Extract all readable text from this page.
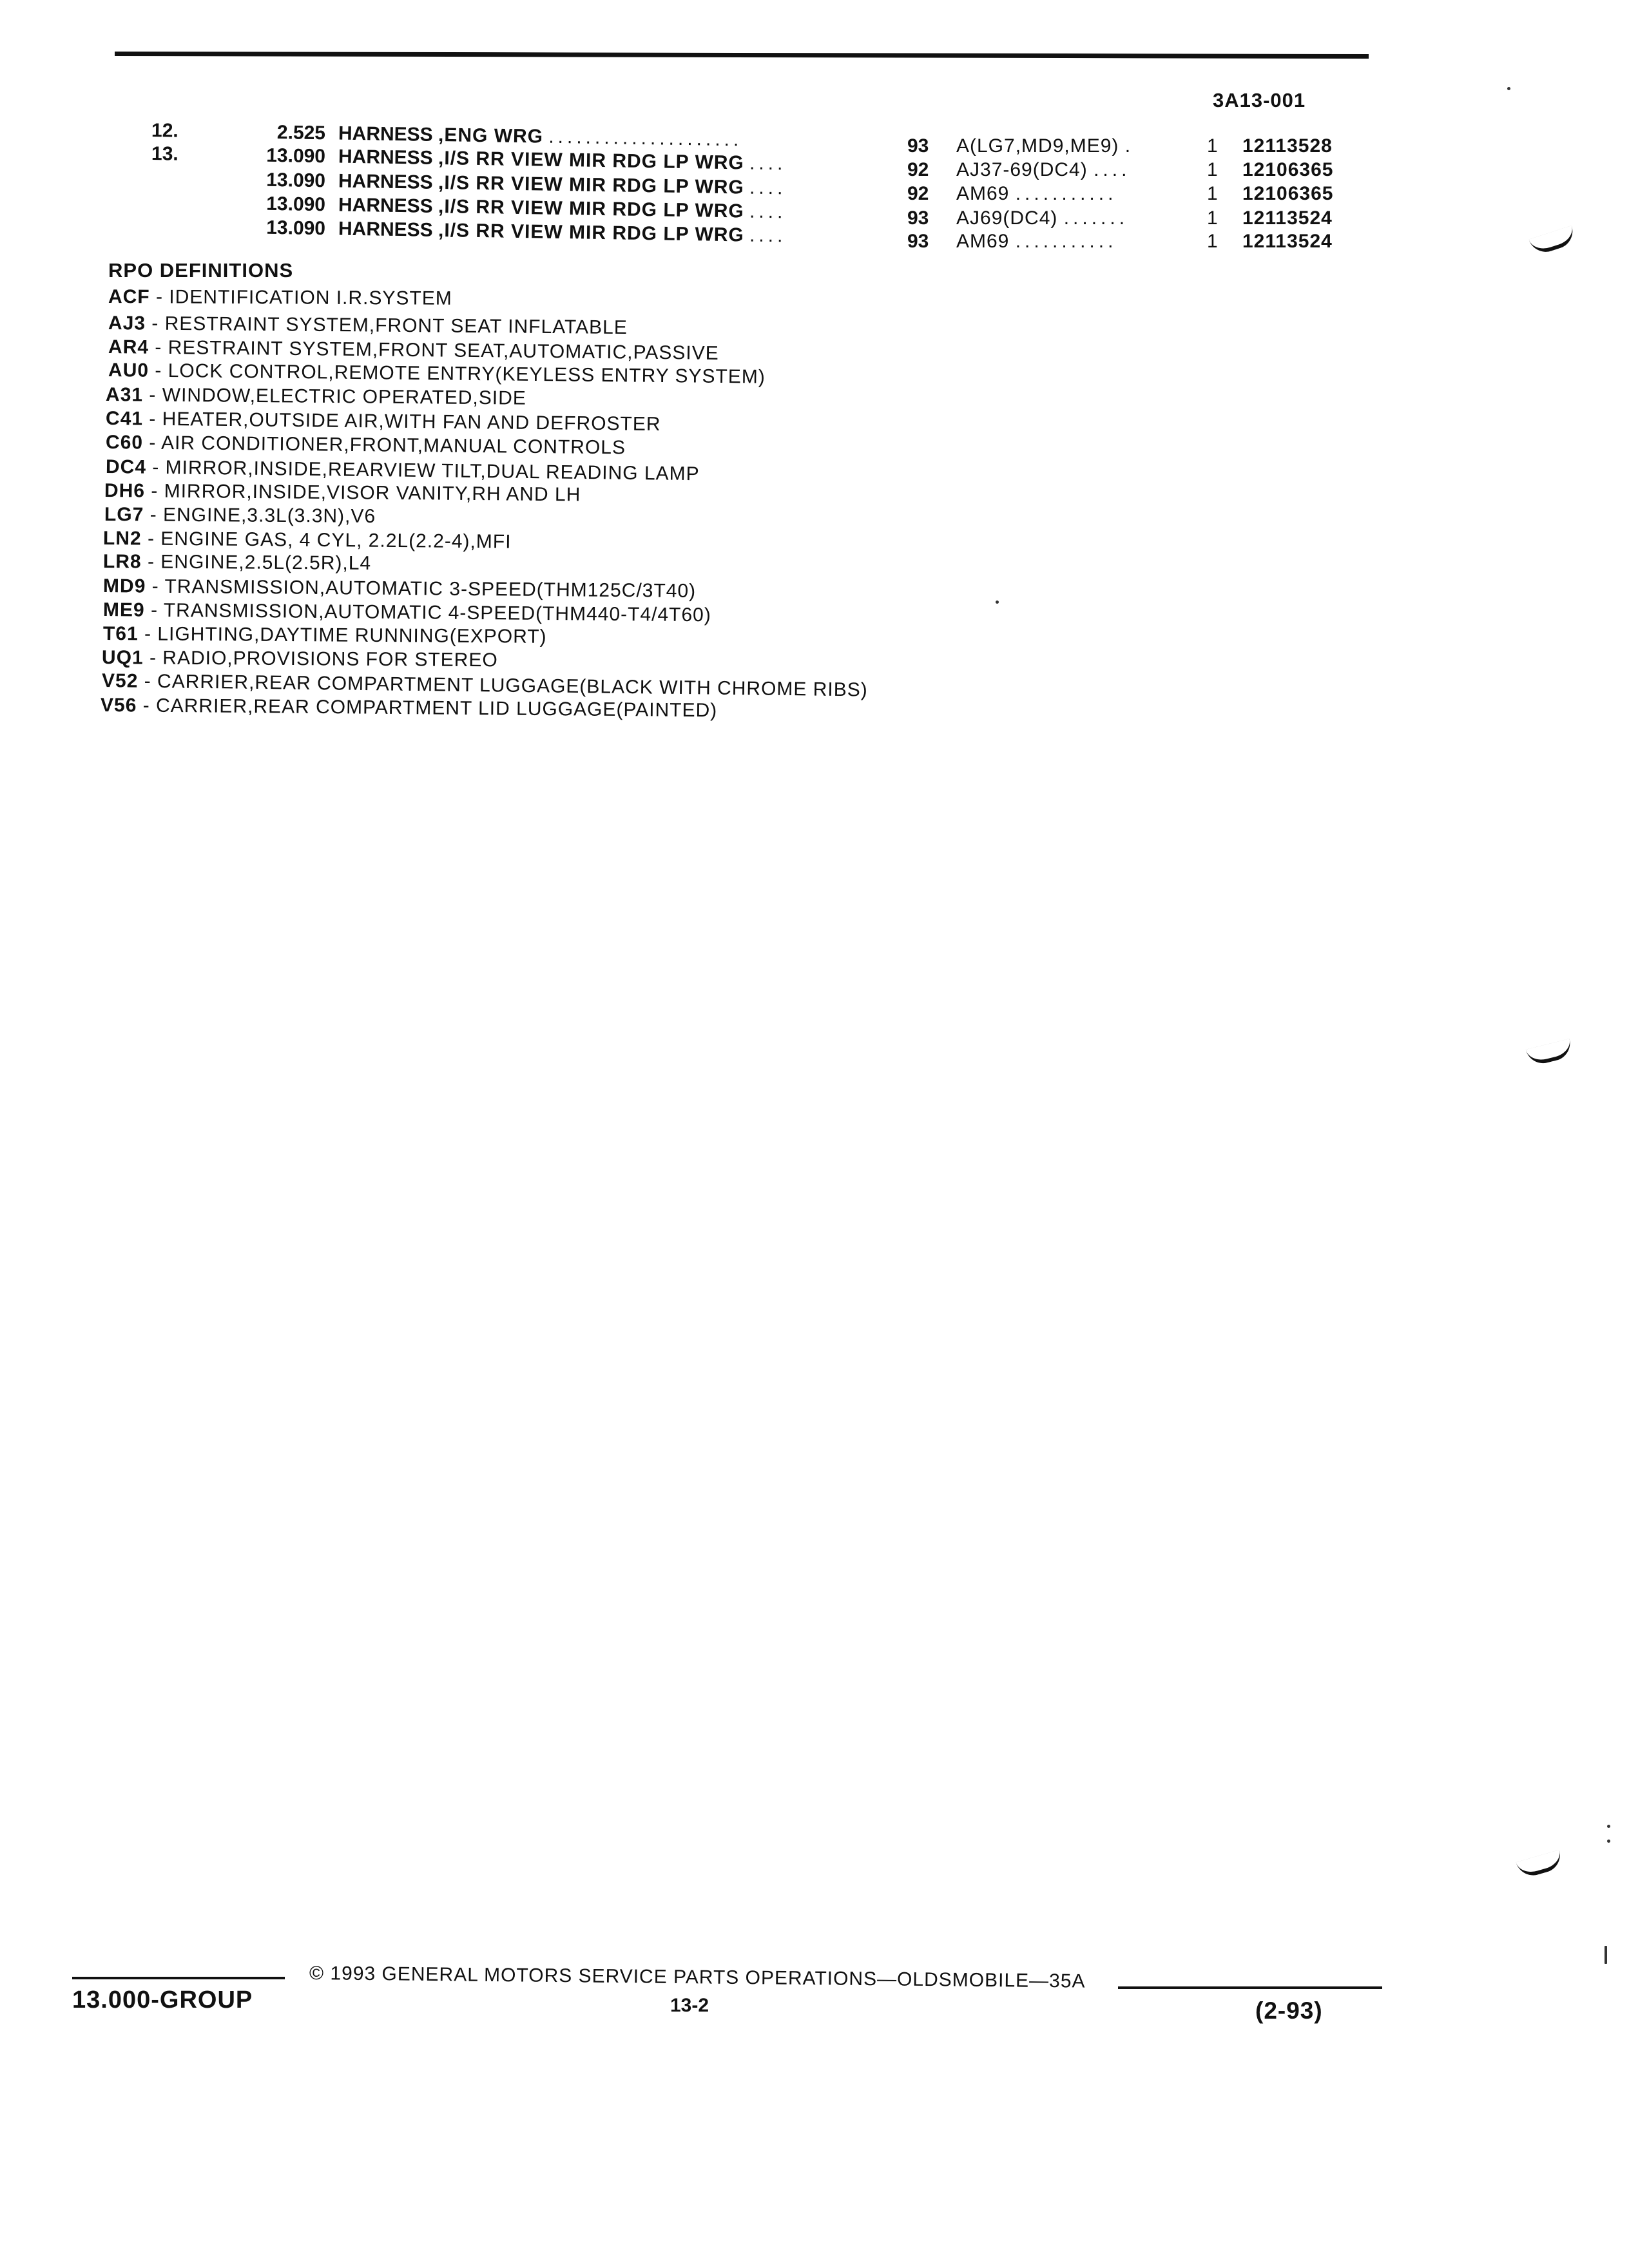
3A13-001
12.	2.525 HARNESS ,ENG WRG .....................	93	A(LG7,MD9,ME9) .	1 12113528
13.	13.090 HARNESS ,I/S RR VIEW MIR RDG LP WRG ....	92	AJ37-69(DC4) ....	1 12106365
13.090 HARNESS ,I/S RR VIEW MIR RDG LP WRG ....	92	AM69 ...........	1 12106365
13.090 HARNESS ,I/S RR VIEW MIR RDG LP WRG ....	93	AJ69(DC4) .......	1 12113524
13.090 HARNESS ,I/S RR VIEW MIR RDG LP WRG ....	93	AM69 ...........	1 12113524
RPO DEFINITIONS
ACF - IDENTIFICATION I.R.SYSTEM
AJ3 - RESTRAINT SYSTEM,FRONT SEAT INFLATABLE
AR4 - RESTRAINT SYSTEM,FRONT SEAT,AUTOMATIC,PASSIVE
AU0 - LOCK CONTROL,REMOTE ENTRY(KEYLESS ENTRY SYSTEM)
A31 - WINDOW,ELECTRIC OPERATED,SIDE
C41 - HEATER,OUTSIDE AIR,WITH FAN AND DEFROSTER
C60 - AIR CONDITIONER,FRONT,MANUAL CONTROLS
DC4 - MIRROR,INSIDE,REARVIEW TILT,DUAL READING LAMP
DH6 - MIRROR,INSIDE,VISOR VANITY,RH AND LH
LG7 - ENGINE,3.3L(3.3N),V6
LN2 - ENGINE GAS, 4 CYL, 2.2L(2.2-4),MFI
LR8 - ENGINE,2.5L(2.5R),L4
MD9 - TRANSMISSION,AUTOMATIC 3-SPEED(THM125C/3T40)
ME9 - TRANSMISSION,AUTOMATIC 4-SPEED(THM440-T4/4T60)
T61 - LIGHTING,DAYTIME RUNNING(EXPORT)
UQ1 - RADIO,PROVISIONS FOR STEREO
V52 - CARRIER,REAR COMPARTMENT LUGGAGE(BLACK WITH CHROME RIBS)
V56 - CARRIER,REAR COMPARTMENT LID LUGGAGE(PAINTED)
13.000-GROUP
© 1993 GENERAL MOTORS SERVICE PARTS OPERATIONS—OLDSMOBILE—35A
13-2	(2-93)
